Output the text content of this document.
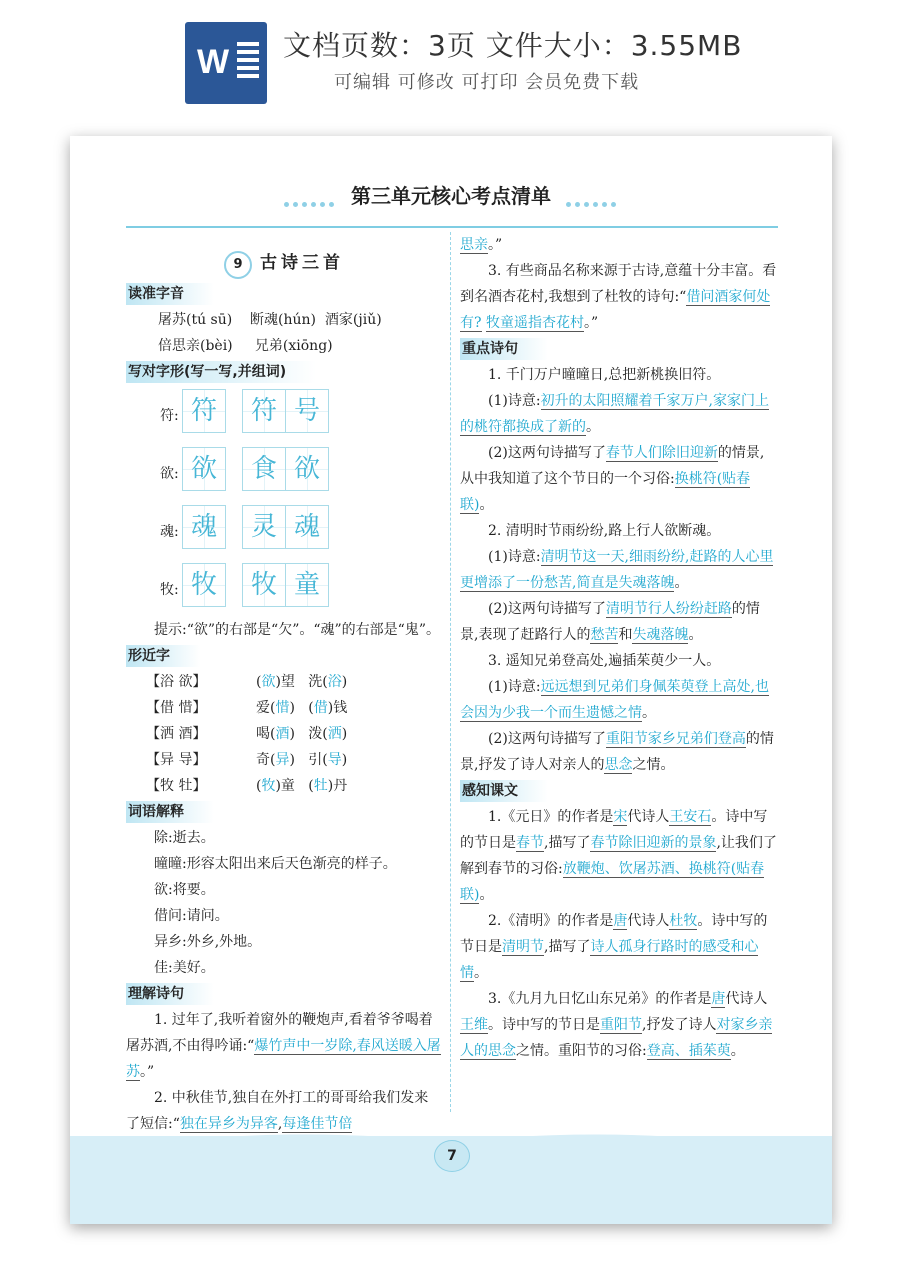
W 文档页数：3页 文件大小：3.55MB
可编辑 可修改 可打印 会员免费下载
第三单元核心考点清单
9 古诗三首
读准字音
屠苏(tú sū) 断魂(hún) 酒家(jiǔ)
倍思亲(bèi) 兄弟(xiōng)
写对字形(写一写,并组词)
符: 符	符 号
欲: 欲	食 欲
魂: 魂	灵 魂
牧: 牧	牧 童

提示:“欲”的右部是“欠”。“魂”的右部是“鬼”。

形近字
【浴 欲】	(欲)望 洗(浴)
【借 惜】	爱(惜) (借)钱
【洒 酒】	喝(酒) 泼(洒)
【异 导】	奇(异) 引(导)
【牧 牡】	(牧)童 (牡)丹
词语解释

除:逝去。

曈曈:形容太阳出来后天色渐亮的样子。

欲:将要。

借问:请问。

异乡:外乡,外地。

佳:美好。

理解诗句

1. 过年了,我听着窗外的鞭炮声,看着爷爷喝着屠苏酒,不由得吟诵:“爆竹声中一岁除,春风送暖入屠苏。”

2. 中秋佳节,独自在外打工的哥哥给我们发来了短信:“独在异乡为异客,每逢佳节倍

思亲。”

3. 有些商品名称来源于古诗,意蕴十分丰富。看到名酒杏花村,我想到了杜牧的诗句:“借问酒家何处有? 牧童遥指杏花村。”

重点诗句

1. 千门万户曈曈日,总把新桃换旧符。

(1)诗意:初升的太阳照耀着千家万户,家家门上的桃符都换成了新的。

(2)这两句诗描写了春节人们除旧迎新的情景,从中我知道了这个节日的一个习俗:换桃符(贴春联)。

2. 清明时节雨纷纷,路上行人欲断魂。

(1)诗意:清明节这一天,细雨纷纷,赶路的人心里更增添了一份愁苦,简直是失魂落魄。

(2)这两句诗描写了清明节行人纷纷赶路的情景,表现了赶路行人的愁苦和失魂落魄。

3. 遥知兄弟登高处,遍插茱萸少一人。

(1)诗意:远远想到兄弟们身佩茱萸登上高处,也会因为少我一个而生遗憾之情。

(2)这两句诗描写了重阳节家乡兄弟们登高的情景,抒发了诗人对亲人的思念之情。

感知课文

1.《元日》的作者是宋代诗人王安石。诗中写的节日是春节,描写了春节除旧迎新的景象,让我们了解到春节的习俗:放鞭炮、饮屠苏酒、换桃符(贴春联)。

2.《清明》的作者是唐代诗人杜牧。诗中写的节日是清明节,描写了诗人孤身行路时的感受和心情。

3.《九月九日忆山东兄弟》的作者是唐代诗人王维。诗中写的节日是重阳节,抒发了诗人对家乡亲人的思念之情。重阳节的习俗:登高、插茱萸。

7
